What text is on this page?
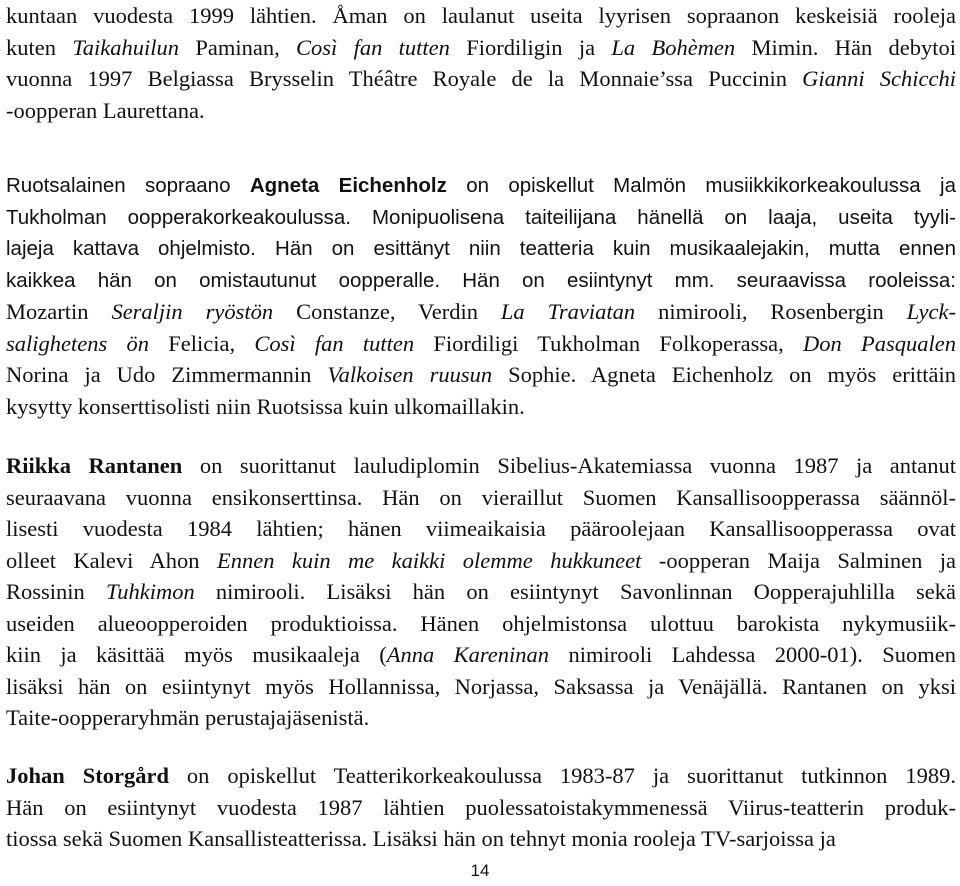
kuntaan vuodesta 1999 lähtien. Åman on laulanut useita lyyrisen sopraanon keskeisiä rooleja
kuten Taikahuilun Paminan, Così fan tutten Fiordiligin ja La Bohèmen Mimin. Hän debytoi
vuonna 1997 Belgiassa Brysselin Théâtre Royale de la Monnaie’ssa Puccinin Gianni Schicchi
-oopperan Laurettana.
Ruotsalainen sopraano Agneta Eichenholz on opiskellut Malmön musiikkikorkeakoulussa ja
Tukholman oopperakorkeakoulussa. Monipuolisena taiteilijana hänellä on laaja, useita tyyli-
lajeja kattava ohjelmisto. Hän on esittänyt niin teatteria kuin musikaalejakin, mutta ennen
kaikkea hän on omistautunut oopperalle. Hän on esiintynyt mm. seuraavissa rooleissa:
Mozartin Seraljin ryöstön Constanze, Verdin La Traviatan nimirooli, Rosenbergin Lyck-
salighetens ön Felicia, Così fan tutten Fiordiligi Tukholman Folkoperassa, Don Pasqualen
Norina ja Udo Zimmermannin Valkoisen ruusun Sophie. Agneta Eichenholz on myös erittäin
kysytty konserttisolisti niin Ruotsissa kuin ulkomaillakin.
Riikka Rantanen on suorittanut lauludiplomin Sibelius-Akatemiassa vuonna 1987 ja antanut
seuraavana vuonna ensikonserttinsa. Hän on vieraillut Suomen Kansallisoopperassa säännöl-
lisesti vuodesta 1984 lähtien; hänen viimeaikaisia pääroolejaan Kansallisoopperassa ovat
olleet Kalevi Ahon Ennen kuin me kaikki olemme hukkuneet -oopperan Maija Salminen ja
Rossinin Tuhkimon nimirooli. Lisäksi hän on esiintynyt Savonlinnan Oopperajuhlilla sekä
useiden alueoopperoiden produktioissa. Hänen ohjelmistonsa ulottuu barokista nykymusiik-
kiin ja käsittää myös musikaaleja (Anna Kareninan nimirooli Lahdessa 2000-01). Suomen
lisäksi hän on esiintynyt myös Hollannissa, Norjassa, Saksassa ja Venäjällä. Rantanen on yksi
Taite-oopperaryhmän perustajajäsenistä.
Johan Storgård on opiskellut Teatterikorkeakoulussa 1983-87 ja suorittanut tutkinnon 1989.
Hän on esiintynyt vuodesta 1987 lähtien puolessatoistakymmenessä Viirus-teatterin produk-
tiossa sekä Suomen Kansallisteatterissa. Lisäksi hän on tehnyt monia rooleja TV-sarjoissa ja
14
